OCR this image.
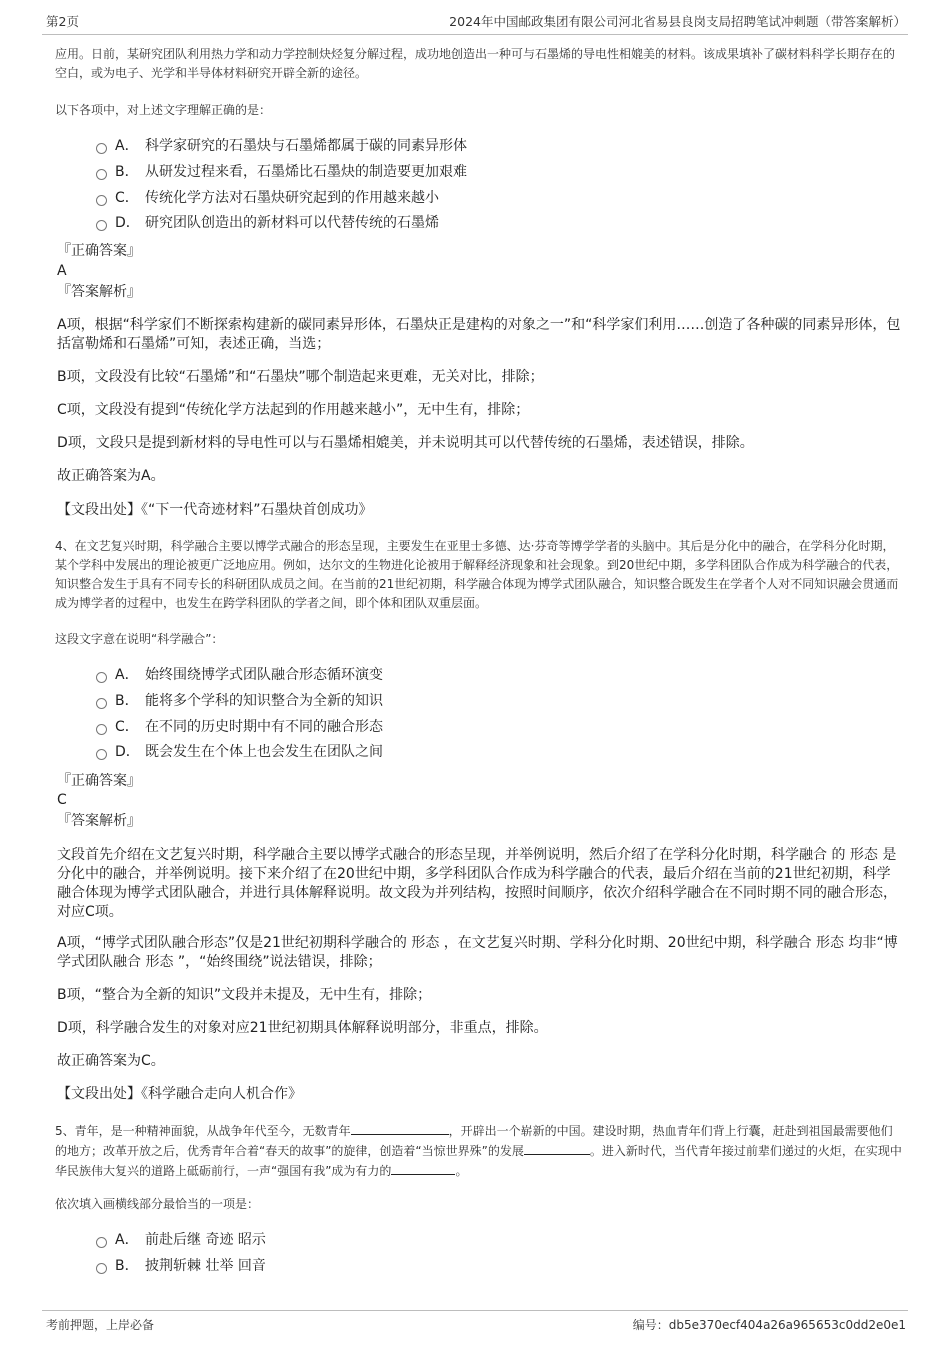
第2页	2024年中国邮政集团有限公司河北省易县良岗支局招聘笔试冲刺题（带答案解析）
应用。日前，某研究团队利用热力学和动力学控制炔烃复分解过程，成功地创造出一种可与石墨烯的导电性相媲美的材料。该成果填补了碳材料科学长期存在的空白，或为电子、光学和半导体材料研究开辟全新的途径。
以下各项中，对上述文字理解正确的是：
A． 科学家研究的石墨炔与石墨烯都属于碳的同素异形体
B． 从研发过程来看，石墨烯比石墨炔的制造要更加艰难
C． 传统化学方法对石墨炔研究起到的作用越来越小
D． 研究团队创造出的新材料可以代替传统的石墨烯
『正确答案』
A
『答案解析』
A项，根据“科学家们不断探索构建新的碳同素异形体，石墨炔正是建构的对象之一”和“科学家们利用……创造了各种碳的同素异形体，包括富勒烯和石墨烯”可知，表述正确，当选；
B项，文段没有比较“石墨烯”和“石墨炔”哪个制造起来更难，无关对比，排除；
C项，文段没有提到“传统化学方法起到的作用越来越小”，无中生有，排除；
D项，文段只是提到新材料的导电性可以与石墨烯相媲美，并未说明其可以代替传统的石墨烯，表述错误，排除。
故正确答案为A。
【文段出处】《“下一代奇迹材料”石墨炔首创成功》
4、在文艺复兴时期，科学融合主要以博学式融合的形态呈现，主要发生在亚里士多德、达·芬奇等博学学者的头脑中。其后是分化中的融合，在学科分化时期，某个学科中发展出的理论被更广泛地应用。例如，达尔文的生物进化论被用于解释经济现象和社会现象。到20世纪中期，多学科团队合作成为科学融合的代表，知识整合发生于具有不同专长的科研团队成员之间。在当前的21世纪初期，科学融合体现为博学式团队融合，知识整合既发生在学者个人对不同知识融会贯通而成为博学者的过程中，也发生在跨学科团队的学者之间，即个体和团队双重层面。
这段文字意在说明“科学融合”：
A． 始终围绕博学式团队融合形态循环演变
B． 能将多个学科的知识整合为全新的知识
C． 在不同的历史时期中有不同的融合形态
D． 既会发生在个体上也会发生在团队之间
『正确答案』
C
『答案解析』
文段首先介绍在文艺复兴时期，科学融合主要以博学式融合的形态呈现，并举例说明，然后介绍了在学科分化时期，科学融合 的 形态 是分化中的融合，并举例说明。接下来介绍了在20世纪中期，多学科团队合作成为科学融合的代表，最后介绍在当前的21世纪初期，科学融合体现为博学式团队融合，并进行具体解释说明。故文段为并列结构，按照时间顺序，依次介绍科学融合在不同时期不同的融合形态，对应C项。
A项，“博学式团队融合形态”仅是21世纪初期科学融合的 形态 ，在文艺复兴时期、学科分化时期、20世纪中期，科学融合 形态 均非“博学式团队融合 形态 ”，“始终围绕”说法错误，排除；
B项，“整合为全新的知识”文段并未提及，无中生有，排除；
D项，科学融合发生的对象对应21世纪初期具体解释说明部分，非重点，排除。
故正确答案为C。
【文段出处】《科学融合走向人机合作》
5、青年，是一种精神面貌，从战争年代至今，无数青年	，开辟出一个崭新的中国。建设时期，热血青年们背上行囊，赶赴到祖国最需要他们的地方；改革开放之后，优秀青年合着“春天的故事”的旋律，创造着“当惊世界殊”的发展	。进入新时代，当代青年接过前辈们递过的火炬，在实现中华民族伟大复兴的道路上砥砺前行，一声“强国有我”成为有力的	。
依次填入画横线部分最恰当的一项是：
A． 前赴后继 奇迹 昭示
B． 披荆斩棘 壮举 回音
考前押题，上岸必备	编号：db5e370ecf404a26a965653c0dd2e0e1
